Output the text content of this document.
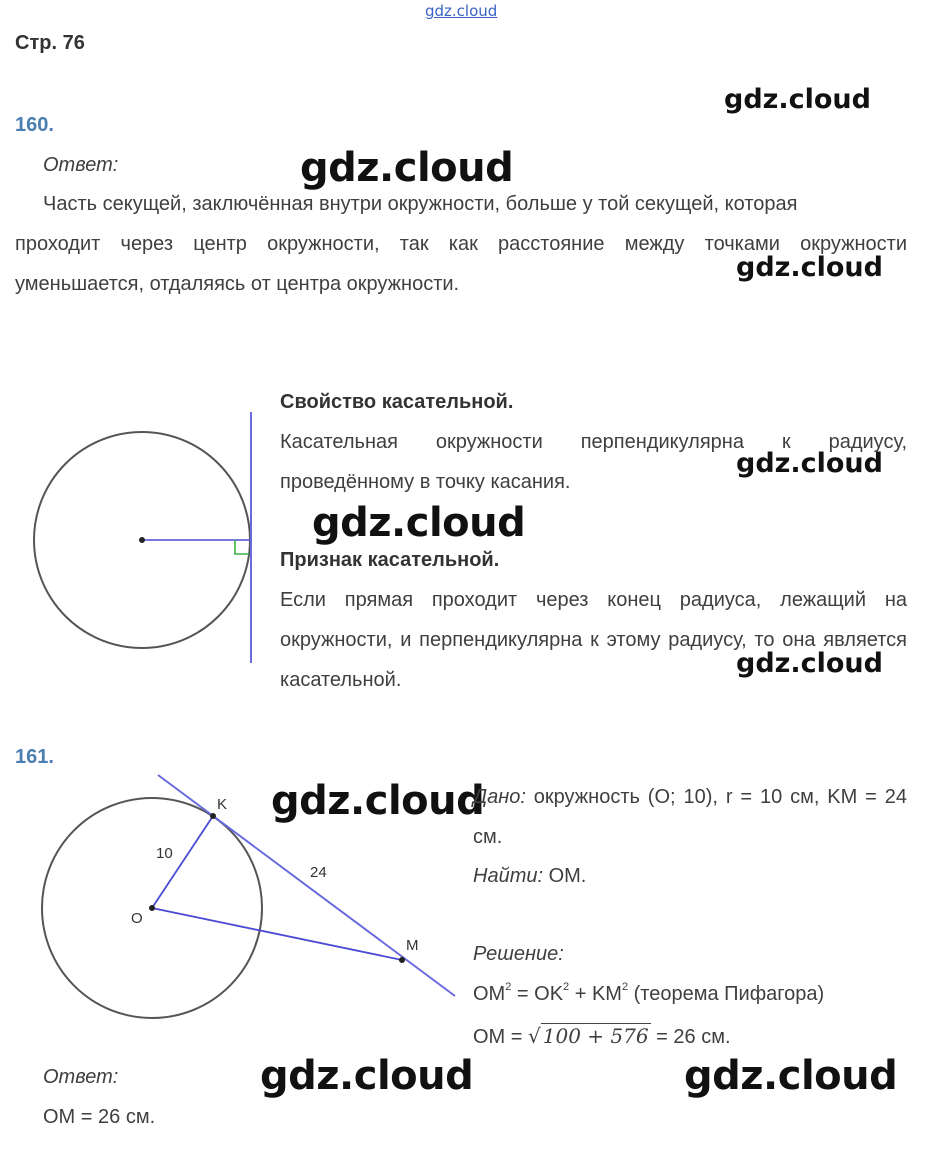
gdz.cloud
gdz.cloud
gdz.cloud
gdz.cloud
gdz.cloud
gdz.cloud
gdz.cloud
gdz.cloud
gdz.cloud	gdz.cloud
Стр. 76
160.
Ответ:
Часть секущей, заключённая внутри окружности, больше у той секущей, которая
проходит через центр окружности, так как расстояние между точками окружности уменьшается, отдаляясь от центра окружности.
Свойство касательной.
Касательная окружности перпендикулярна к радиусу, проведённому в точку касания.
Признак касательной.
Если прямая проходит через конец радиуса, лежащий на окружности, и перпендикулярна к этому радиусу, то она является касательной.
161.
K
O
M
10
24
Дано: окружность (O; 10), r = 10 см, KM = 24 см.
Найти: OM.
Решение:
$OM^2 = OK^2 + KM^2$ (теорема Пифагора)
OM = √ 100 + 576 = 26 см.
Ответ:
OM = 26 см.
